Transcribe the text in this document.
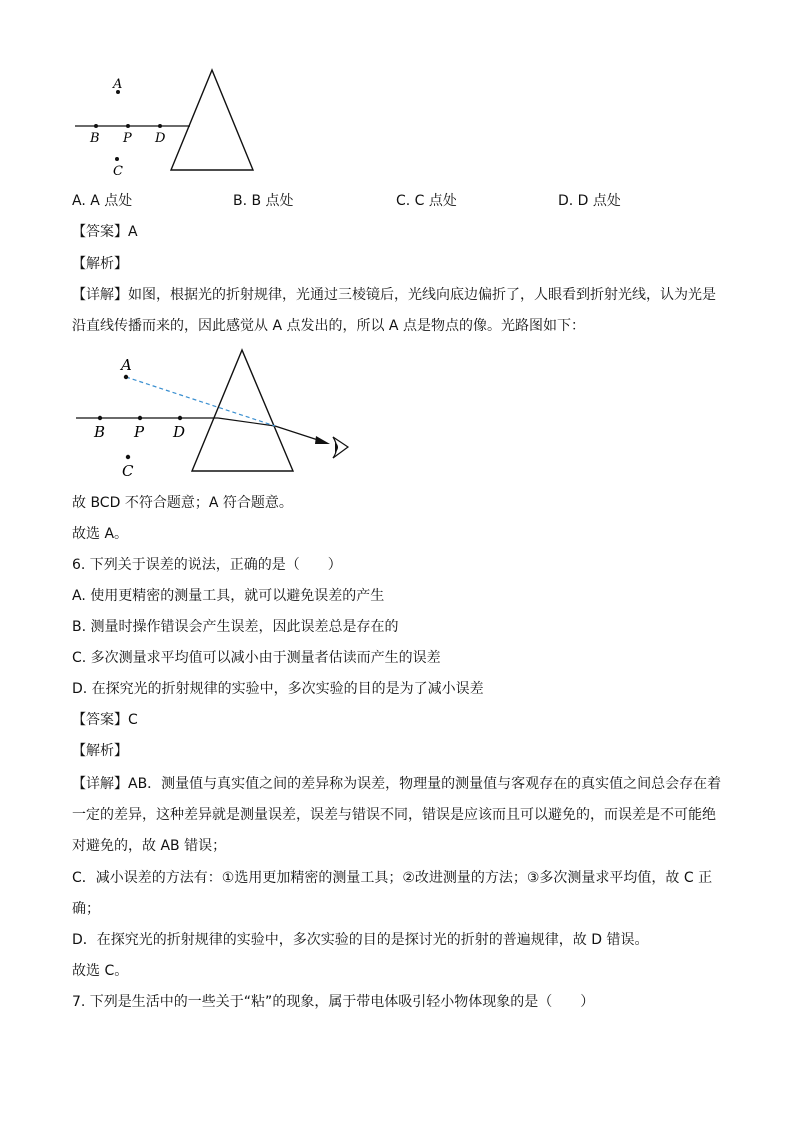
A
B P D
C
A
B P D
C
A. A 点处	B. B 点处	C. C 点处	D. D 点处
【答案】A
【解析】
【详解】如图，根据光的折射规律，光通过三棱镜后，光线向底边偏折了，人眼看到折射光线，认为光是
沿直线传播而来的，因此感觉从 A 点发出的，所以 A 点是物点的像。光路图如下：
故 BCD 不符合题意；A 符合题意。
故选 A。
6. 下列关于误差的说法，正确的是（　　）
A. 使用更精密的测量工具，就可以避免误差的产生
B. 测量时操作错误会产生误差，因此误差总是存在的
C. 多次测量求平均值可以减小由于测量者估读而产生的误差
D. 在探究光的折射规律的实验中，多次实验的目的是为了减小误差
【答案】C
【解析】
【详解】AB．测量值与真实值之间的差异称为误差，物理量的测量值与客观存在的真实值之间总会存在着
一定的差异，这种差异就是测量误差，误差与错误不同，错误是应该而且可以避免的，而误差是不可能绝
对避免的，故 AB 错误；
C．减小误差的方法有：①选用更加精密的测量工具；②改进测量的方法；③多次测量求平均值，故 C 正
确；
D．在探究光的折射规律的实验中，多次实验的目的是探讨光的折射的普遍规律，故 D 错误。
故选 C。
7. 下列是生活中的一些关于“粘”的现象，属于带电体吸引轻小物体现象的是（　　）
